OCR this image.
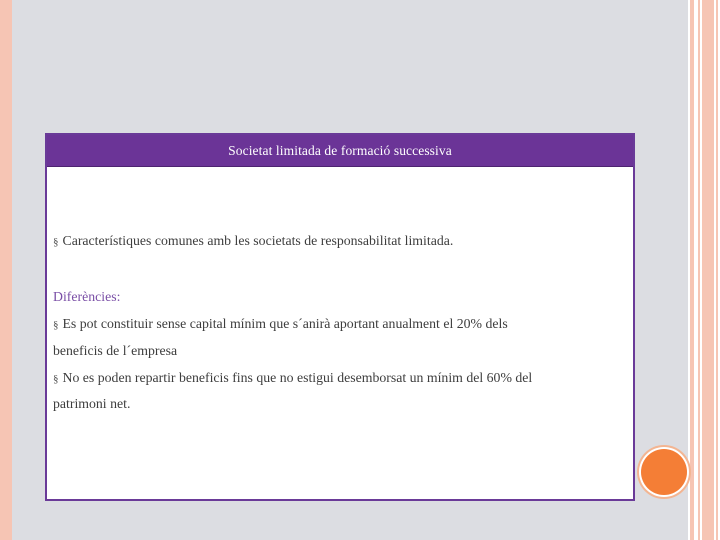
Societat limitada de formació successiva
§ Característiques comunes amb les societats de responsabilitat limitada.
Diferències:
§ Es pot constituir sense capital mínim que s´anirà aportant anualment el 20% dels
beneficis de l´empresa
§ No es poden repartir beneficis fins que no estigui desemborsat un mínim del 60% del
patrimoni net.
